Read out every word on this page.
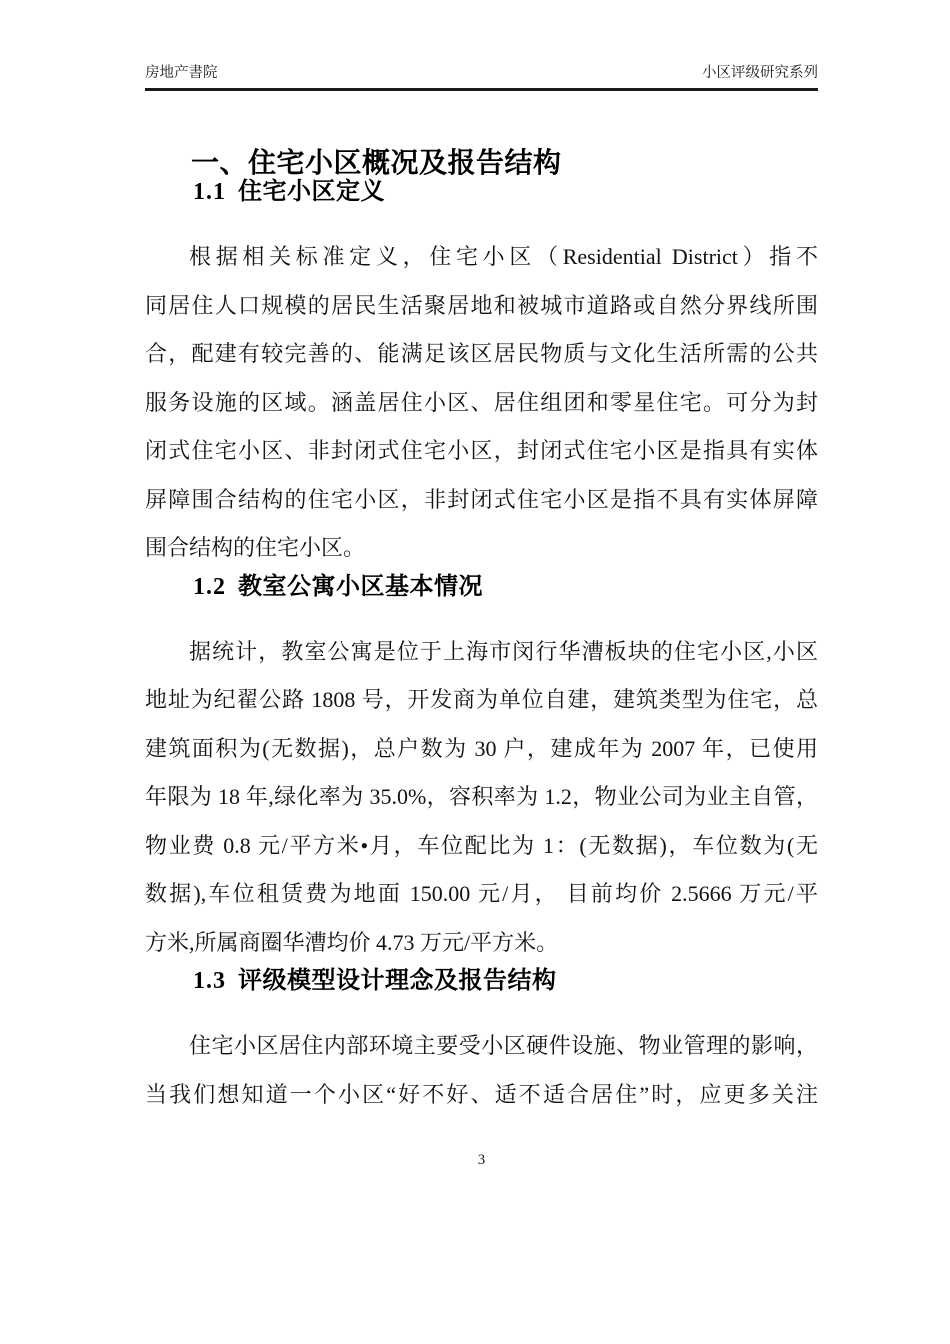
房地产書院	小区评级研究系列
一、住宅小区概况及报告结构
1.1 住宅小区定义
根据相关标准定义，住宅小区（Residential District）指不
同居住人口规模的居民生活聚居地和被城市道路或自然分界线所围
合，配建有较完善的、能满足该区居民物质与文化生活所需的公共
服务设施的区域。涵盖居住小区、居住组团和零星住宅。可分为封
闭式住宅小区、非封闭式住宅小区，封闭式住宅小区是指具有实体
屏障围合结构的住宅小区，非封闭式住宅小区是指不具有实体屏障
围合结构的住宅小区。
1.2 教室公寓小区基本情况
据统计，教室公寓是位于上海市闵行华漕板块的住宅小区,小区
地址为纪翟公路 1808 号，开发商为单位自建，建筑类型为住宅，总
建筑面积为(无数据)，总户数为 30 户，建成年为 2007 年，已使用
年限为 18 年,绿化率为 35.0%，容积率为 1.2，物业公司为业主自管，
物业费 0.8 元/平方米•月，车位配比为 1：(无数据)，车位数为(无
数据),车位租赁费为地面 150.00 元/月， 目前均价 2.5666 万元/平
方米,所属商圈华漕均价 4.73 万元/平方米。
1.3 评级模型设计理念及报告结构
住宅小区居住内部环境主要受小区硬件设施、物业管理的影响，
当我们想知道一个小区“好不好、适不适合居住”时，应更多关注
3
